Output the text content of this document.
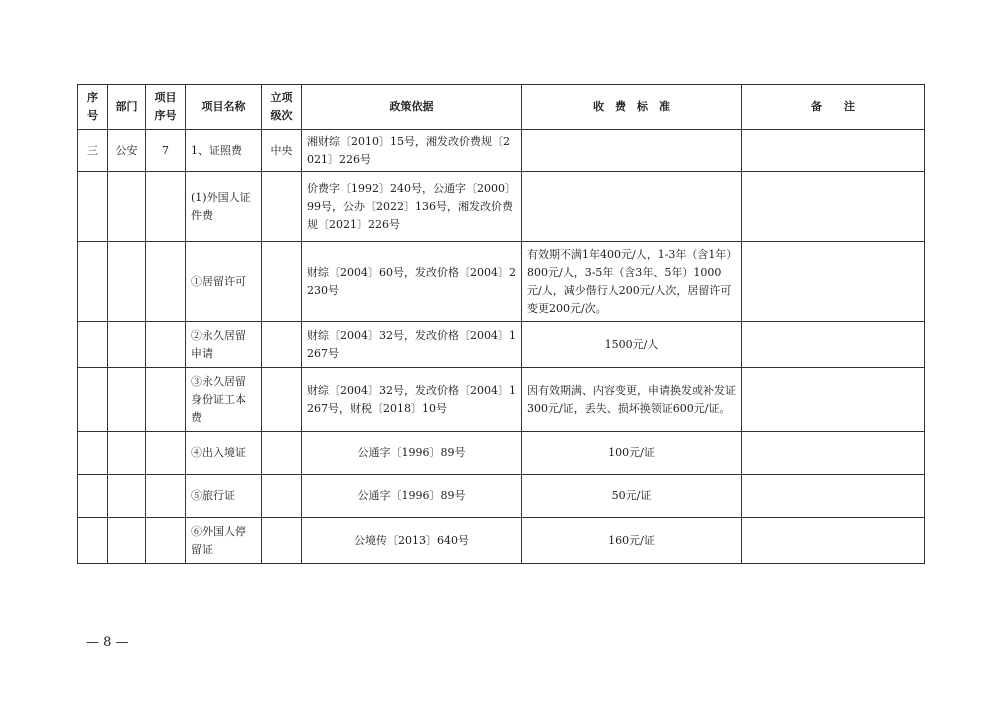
序号	部门	项目序号	项目名称	立项级次	政策依据	收　费　标　准	备　　注
三	公安	7	1、证照费	中央	湘财综〔2010〕15号，湘发改价费规〔2021〕226号		
			(1)外国人证件费		价费字〔1992〕240号，公通字〔2000〕99号，公办〔2022〕136号，湘发改价费规〔2021〕226号		
			①居留许可		财综〔2004〕60号，发改价格〔2004〕2230号	有效期不满1年400元/人，1-3年（含1年）800元/人，3-5年（含3年、5年）1000元/人，减少偕行人200元/人次，居留许可变更200元/次。	
			②永久居留申请		财综〔2004〕32号，发改价格〔2004〕1267号	1500元/人	
			③永久居留身份证工本费		财综〔2004〕32号，发改价格〔2004〕1267号，财税〔2018〕10号	因有效期满、内容变更，申请换发或补发证300元/证，丢失、损坏换领证600元/证。	
			④出入境证		公通字〔1996〕89号	100元/证	
			⑤旅行证		公通字〔1996〕89号	50元/证	
			⑥外国人停留证		公境传〔2013〕640号	160元/证	
— 8 —
